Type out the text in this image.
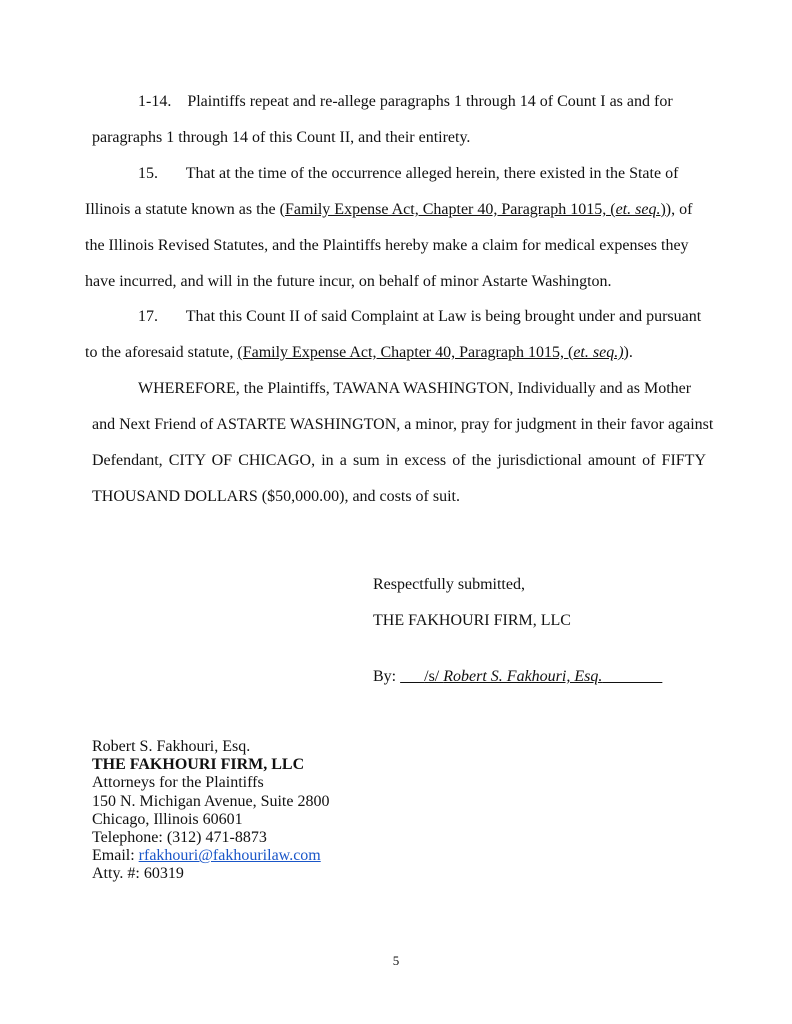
1-14. Plaintiffs repeat and re-allege paragraphs 1 through 14 of Count I as and for
paragraphs 1 through 14 of this Count II, and their entirety.
15. That at the time of the occurrence alleged herein, there existed in the State of
Illinois a statute known as the (Family Expense Act, Chapter 40, Paragraph 1015, (et. seq.)), of
the Illinois Revised Statutes, and the Plaintiffs hereby make a claim for medical expenses they
have incurred, and will in the future incur, on behalf of minor Astarte Washington.
17. That this Count II of said Complaint at Law is being brought under and pursuant
to the aforesaid statute, (Family Expense Act, Chapter 40, Paragraph 1015, (et. seq.)).
WHEREFORE, the Plaintiffs, TAWANA WASHINGTON, Individually and as Mother
and Next Friend of ASTARTE WASHINGTON, a minor, pray for judgment in their favor against
Defendant, CITY OF CHICAGO, in a sum in excess of the jurisdictional amount of FIFTY
THOUSAND DOLLARS ($50,000.00), and costs of suit.
Respectfully submitted,
THE FAKHOURI FIRM, LLC
By: /s/ Robert S. Fakhouri, Esq.
Robert S. Fakhouri, Esq.
THE FAKHOURI FIRM, LLC
Attorneys for the Plaintiffs
150 N. Michigan Avenue, Suite 2800
Chicago, Illinois 60601
Telephone: (312) 471-8873
Email: rfakhouri@fakhourilaw.com
Atty. #: 60319
5
